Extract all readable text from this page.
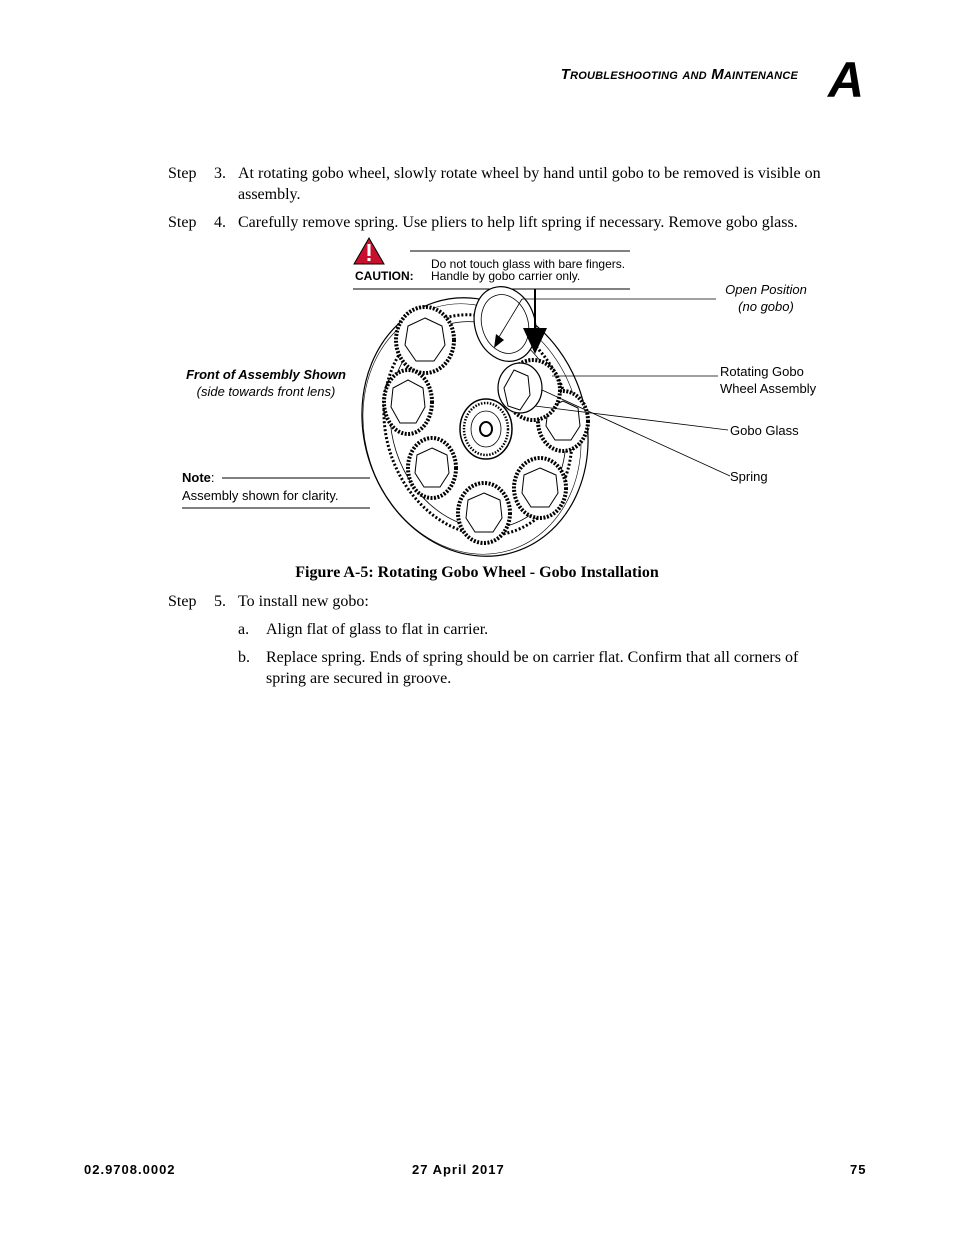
Troubleshooting and Maintenance A
Step 3. At rotating gobo wheel, slowly rotate wheel by hand until gobo to be removed is visible on assembly.
Step 4. Carefully remove spring. Use pliers to help lift spring if necessary. Remove gobo glass.
CAUTION:
Do not touch glass with bare fingers.
Handle by gobo carrier only.
Open Position
(no gobo)
Front of Assembly Shown
(side towards front lens)
Rotating Gobo
Wheel Assembly
Gobo Glass
Spring
Note:
Assembly shown for clarity.
Figure A-5: Rotating Gobo Wheel - Gobo Installation
Step 5. To install new gobo:
a. Align flat of glass to flat in carrier.
b. Replace spring. Ends of spring should be on carrier flat. Confirm that all corners of spring are secured in groove.
02.9708.0002	27 April 2017	75
